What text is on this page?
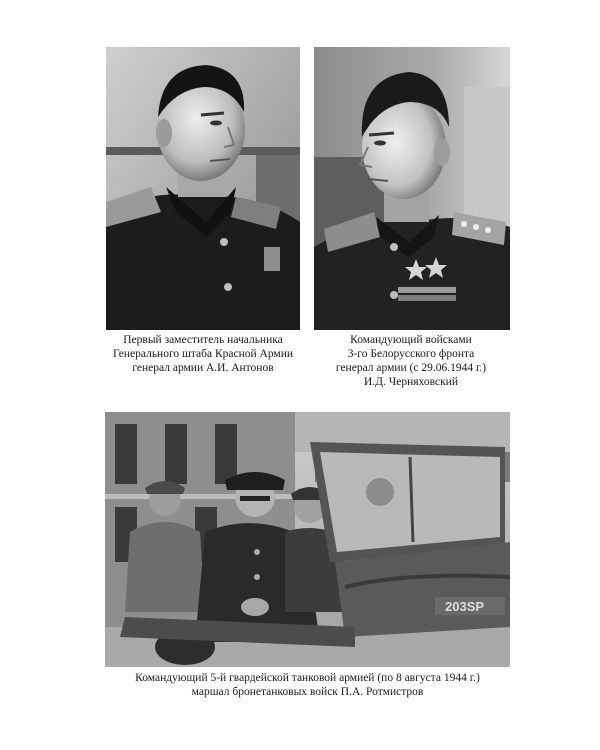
Первый заместитель начальника
Генерального штаба Красной Армии
генерал армии А.И. Антонов
Командующий войсками
3-го Белорусского фронта
генерал армии (с 29.06.1944 г.)
И.Д. Черняховский
203SP
Командующий 5-й гвардейской танковой армией (по 8 августа 1944 г.)
маршал бронетанковых войск П.А. Ротмистров
